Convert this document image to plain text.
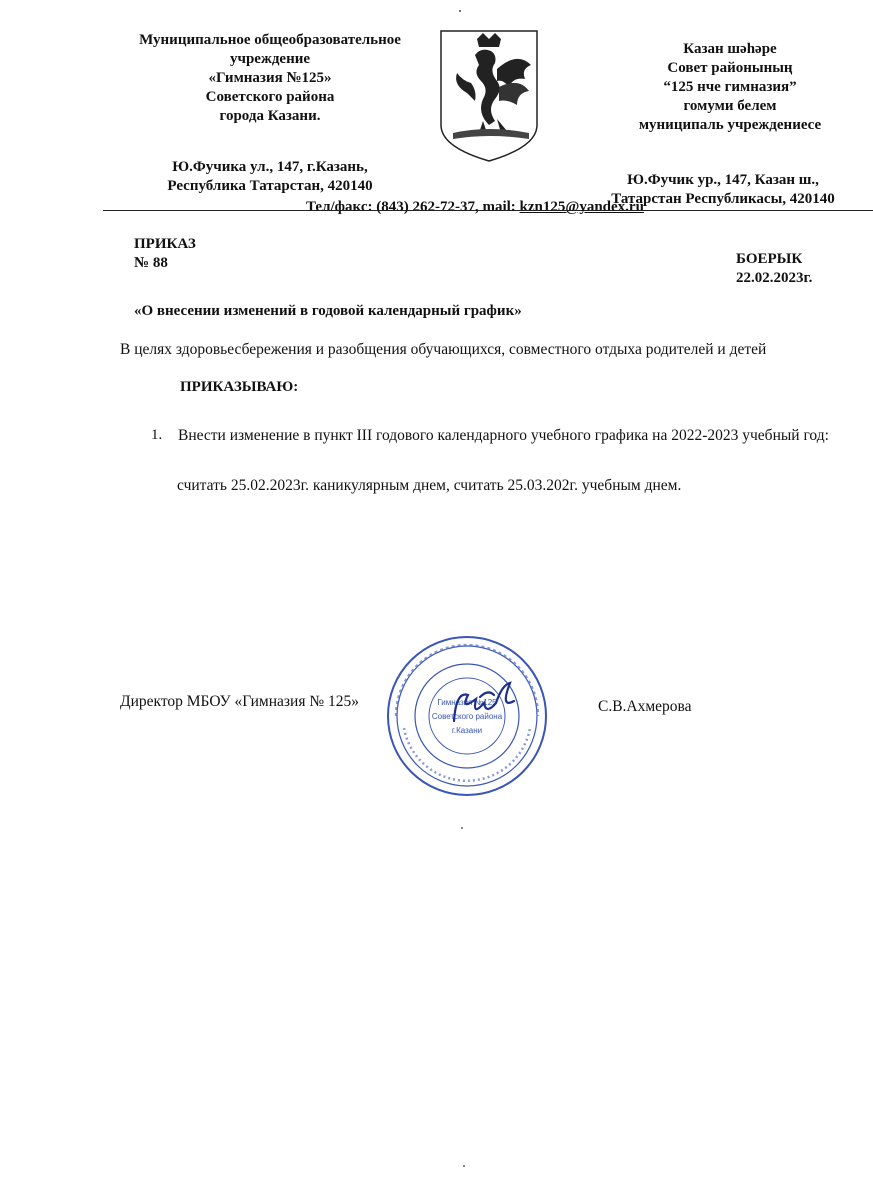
Муниципальное общеобразовательное
учреждение
«Гимназия №125»
Советского района
города Казани.
Ю.Фучика ул., 147, г.Казань,
Республика Татарстан, 420140
Казан шәһәре
Совет районының
“125 нче гимназия”
гомуми белем
муниципаль учреждениесе
Ю.Фучик ур., 147, Казан ш.,
Татарстан Республикасы, 420140
Тел/факс: (843) 262-72-37, mail: kzn125@yandex.ru
ПРИКАЗ
№ 88	БОЕРЫК
22.02.2023г.
«О внесении изменений в годовой календарный график»
В целях здоровьесбережения и разобщения обучающихся, совместного отдыха родителей и детей
ПРИКАЗЫВАЮ:
1. Внести изменение в пункт III годового календарного учебного графика на 2022-2023 учебный год:
считать 25.02.2023г. каникулярным днем, считать 25.03.202г. учебным днем.
Директор МБОУ «Гимназия № 125»	С.В.Ахмерова
Гимназия №125
Советского района
г.Казани
